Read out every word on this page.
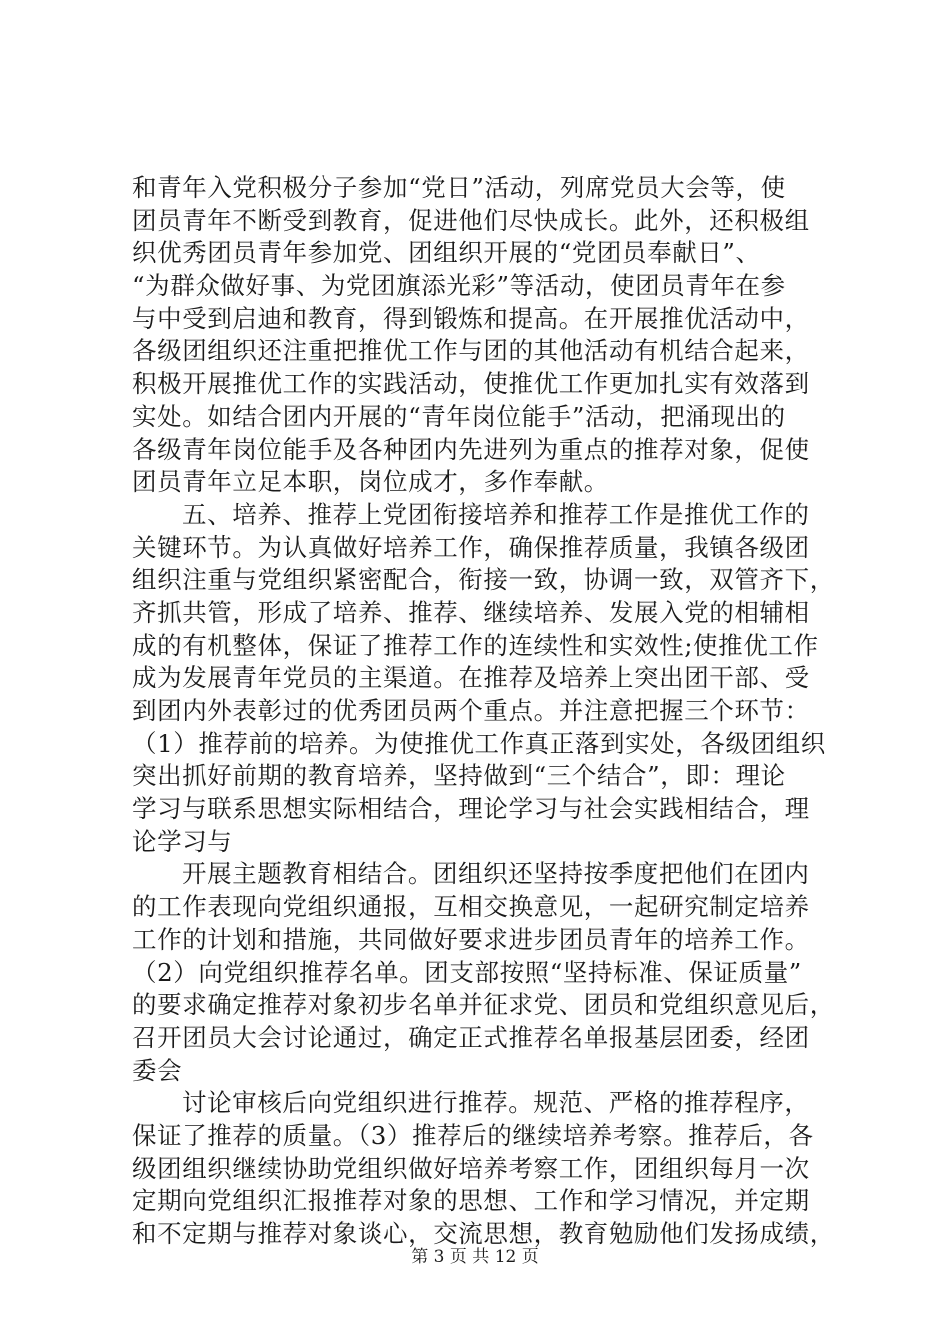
和青年入党积极分子参加“党日”活动，列席党员大会等，使
团员青年不断受到教育，促进他们尽快成长。此外，还积极组
织优秀团员青年参加党、团组织开展的“党团员奉献日”、
“为群众做好事、为党团旗添光彩”等活动，使团员青年在参
与中受到启迪和教育，得到锻炼和提高。在开展推优活动中，
各级团组织还注重把推优工作与团的其他活动有机结合起来，
积极开展推优工作的实践活动，使推优工作更加扎实有效落到
实处。如结合团内开展的“青年岗位能手”活动，把涌现出的
各级青年岗位能手及各种团内先进列为重点的推荐对象，促使
团员青年立足本职，岗位成才，多作奉献。
五、培养、推荐上党团衔接培养和推荐工作是推优工作的
关键环节。为认真做好培养工作，确保推荐质量，我镇各级团
组织注重与党组织紧密配合，衔接一致，协调一致，双管齐下，
齐抓共管，形成了培养、推荐、继续培养、发展入党的相辅相
成的有机整体，保证了推荐工作的连续性和实效性;使推优工作
成为发展青年党员的主渠道。在推荐及培养上突出团干部、受
到团内外表彰过的优秀团员两个重点。并注意把握三个环节：
（1）推荐前的培养。为使推优工作真正落到实处，各级团组织
突出抓好前期的教育培养，坚持做到“三个结合”，即：理论
学习与联系思想实际相结合，理论学习与社会实践相结合，理
论学习与
开展主题教育相结合。团组织还坚持按季度把他们在团内
的工作表现向党组织通报，互相交换意见，一起研究制定培养
工作的计划和措施，共同做好要求进步团员青年的培养工作。
（2）向党组织推荐名单。团支部按照“坚持标准、保证质量”
的要求确定推荐对象初步名单并征求党、团员和党组织意见后，
召开团员大会讨论通过，确定正式推荐名单报基层团委，经团
委会
讨论审核后向党组织进行推荐。规范、严格的推荐程序，
保证了推荐的质量。（3）推荐后的继续培养考察。推荐后，各
级团组织继续协助党组织做好培养考察工作，团组织每月一次
定期向党组织汇报推荐对象的思想、工作和学习情况，并定期
和不定期与推荐对象谈心，交流思想，教育勉励他们发扬成绩，
第 3 页 共 12 页
